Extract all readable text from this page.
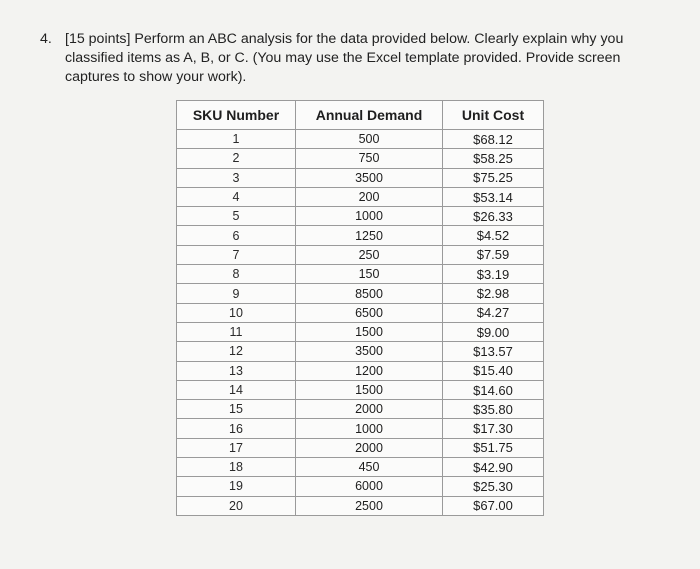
4. [15 points] Perform an ABC analysis for the data provided below. Clearly explain why you classified items as A, B, or C. (You may use the Excel template provided. Provide screen captures to show your work).
SKU Number	Annual Demand	Unit Cost
1	500	$68.12
2	750	$58.25
3	3500	$75.25
4	200	$53.14
5	1000	$26.33
6	1250	$4.52
7	250	$7.59
8	150	$3.19
9	8500	$2.98
10	6500	$4.27
11	1500	$9.00
12	3500	$13.57
13	1200	$15.40
14	1500	$14.60
15	2000	$35.80
16	1000	$17.30
17	2000	$51.75
18	450	$42.90
19	6000	$25.30
20	2500	$67.00
